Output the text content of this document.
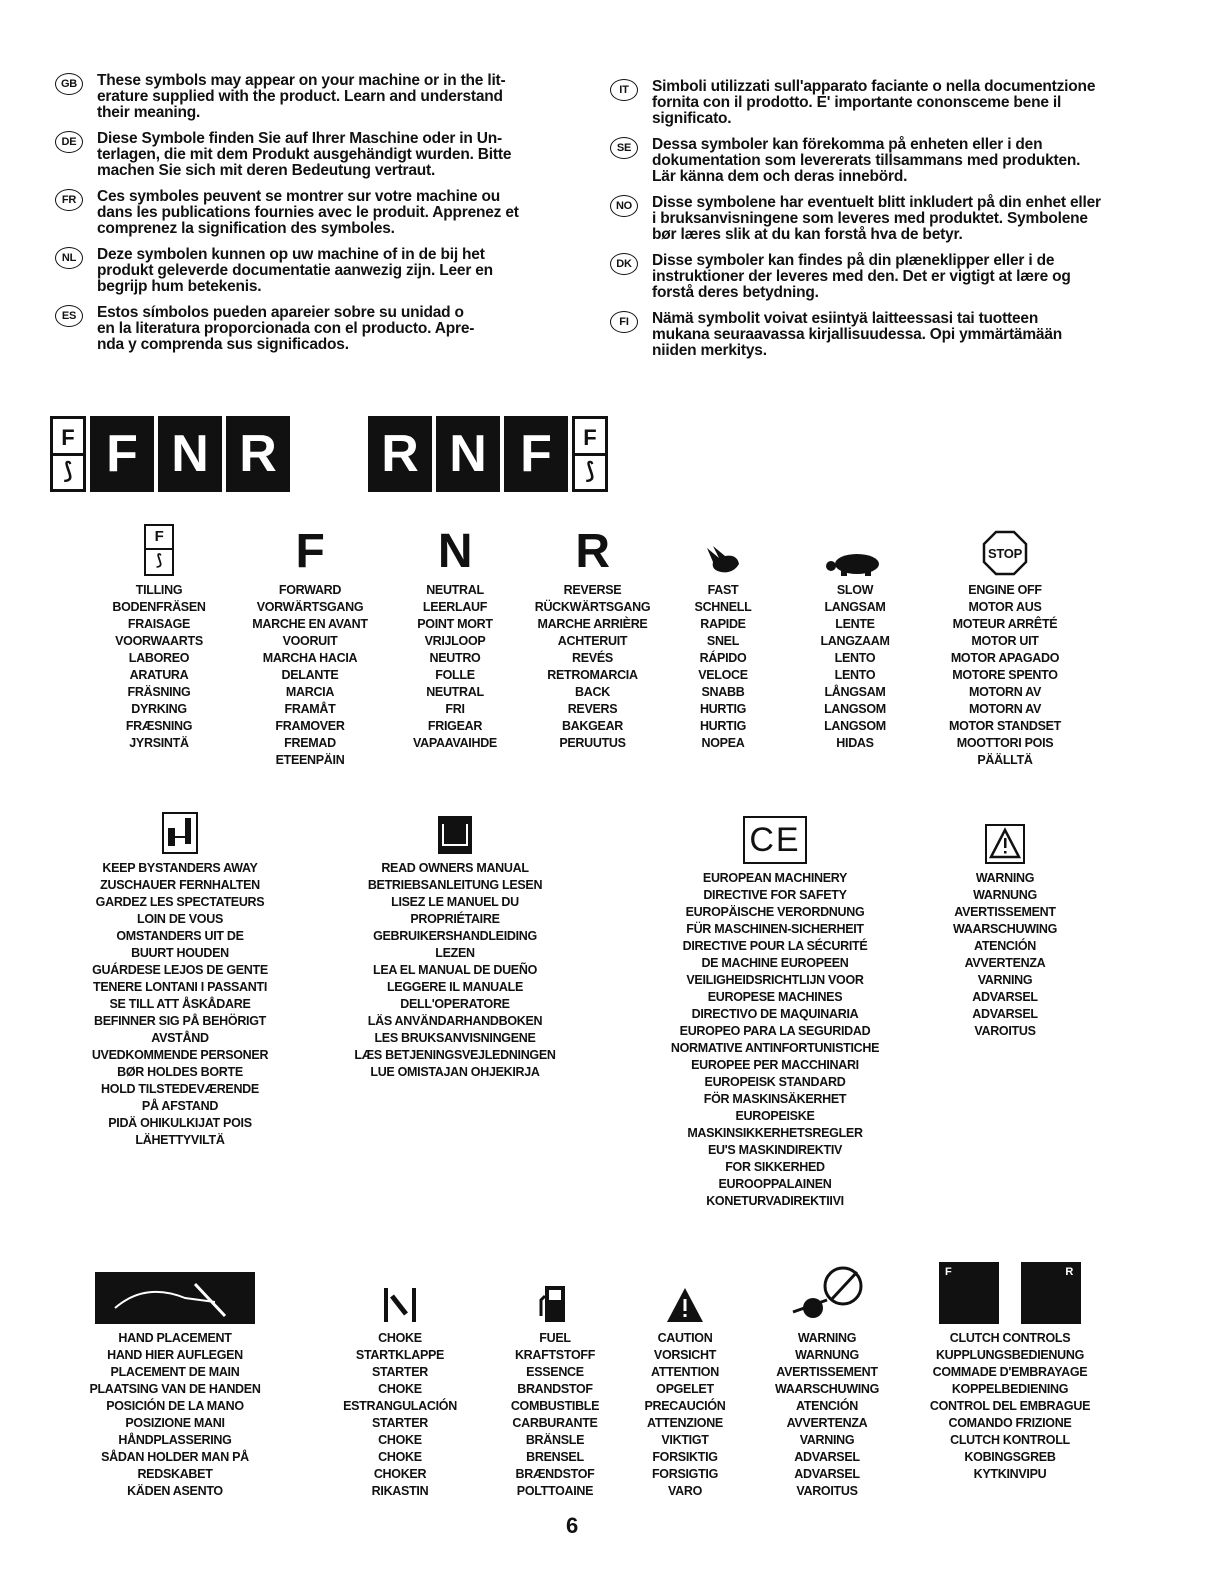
GB	These symbols may appear on your machine or in the lit-
erature supplied with the product. Learn and understand
their meaning.
DE	Diese Symbole finden Sie auf Ihrer Maschine oder in Un-
terlagen, die mit dem Produkt ausgehändigt wurden. Bitte
machen Sie sich mit deren Bedeutung vertraut.
FR	Ces symboles peuvent se montrer sur votre machine ou
dans les publications fournies avec le produit. Apprenez et
comprenez la signification des symboles.
NL	Deze symbolen kunnen op uw machine of in de bij het
produkt geleverde documentatie aanwezig zijn. Leer en
begrijp hum betekenis.
ES	Estos símbolos pueden apareier sobre su unidad o
en la literatura proporcionada con el producto. Apre-
nda y comprenda sus significados.
IT	Simboli utilizzati sull'apparato faciante o nella documentzione
fornita con il prodotto. E' importante cononsceme bene il
significato.
SE	Dessa symboler kan förekomma på enheten eller i den
dokumentation som levererats tillsammans med produkten.
Lär känna dem och deras innebörd.
NO	Disse symbolene har eventuelt blitt inkludert på din enhet eller
i bruksanvisningene som leveres med produktet. Symbolene
bør læres slik at du kan forstå hva de betyr.
DK	Disse symboler kan findes på din plæneklipper eller i de
instruktioner der leveres med den. Det er vigtigt at lære og
forstå deres betydning.
FI	Nämä symbolit voivat esiintyä laitteessasi tai tuotteen
mukana seuraavassa kirjallisuudessa. Opi ymmärtämään
niiden merkitys.
F
⟆ F N R R N F	F
⟆
F
⟆
TILLING
BODENFRÄSEN
FRAISAGE
VOORWAARTS
LABOREO
ARATURA
FRÄSNING
DYRKING
FRÆSNING
JYRSINTÄ
F
FORWARD
VORWÄRTSGANG
MARCHE EN AVANT
VOORUIT
MARCHA HACIA
DELANTE
MARCIA
FRAMÅT
FRAMOVER
FREMAD
ETEENPÄIN
N
NEUTRAL
LEERLAUF
POINT MORT
VRIJLOOP
NEUTRO
FOLLE
NEUTRAL
FRI
FRIGEAR
VAPAAVAIHDE
R
REVERSE
RÜCKWÄRTSGANG
MARCHE ARRIÈRE
ACHTERUIT
REVÉS
RETROMARCIA
BACK
REVERS
BAKGEAR
PERUUTUS
FAST
SCHNELL
RAPIDE
SNEL
RÁPIDO
VELOCE
SNABB
HURTIG
HURTIG
NOPEA
SLOW
LANGSAM
LENTE
LANGZAAM
LENTO
LENTO
LÅNGSAM
LANGSOM
LANGSOM
HIDAS
STOP
ENGINE OFF
MOTOR AUS
MOTEUR ARRÊTÉ
MOTOR UIT
MOTOR APAGADO
MOTORE SPENTO
MOTORN AV
MOTORN AV
MOTOR STANDSET
MOOTTORI POIS
PÄÄLLTÄ
KEEP BYSTANDERS AWAY
ZUSCHAUER FERNHALTEN
GARDEZ LES SPECTATEURS
LOIN DE VOUS
OMSTANDERS UIT DE
BUURT HOUDEN
GUÁRDESE LEJOS DE GENTE
TENERE LONTANI I PASSANTI
SE TILL ATT ÅSKÅDARE
BEFINNER SIG PÅ BEHÖRIGT
AVSTÅND
UVEDKOMMENDE PERSONER
BØR HOLDES BORTE
HOLD TILSTEDEVÆRENDE
PÅ AFSTAND
PIDÄ OHIKULKIJAT POIS
LÄHETTYVILTÄ
READ OWNERS MANUAL
BETRIEBSANLEITUNG LESEN
LISEZ LE MANUEL DU
PROPRIÉTAIRE
GEBRUIKERSHANDLEIDING
LEZEN
LEA EL MANUAL DE DUEÑO
LEGGERE IL MANUALE
DELL'OPERATORE
LÄS ANVÄNDARHANDBOKEN
LES BRUKSANVISNINGENE
LÆS BETJENINGSVEJLEDNINGEN
LUE OMISTAJAN OHJEKIRJA
CE
EUROPEAN MACHINERY
DIRECTIVE FOR SAFETY
EUROPÄISCHE VERORDNUNG
FÜR MASCHINEN-SICHERHEIT
DIRECTIVE POUR LA SÉCURITÉ
DE MACHINE EUROPEEN
VEILIGHEIDSRICHTLIJN VOOR
EUROPESE MACHINES
DIRECTIVO DE MAQUINARIA
EUROPEO PARA LA SEGURIDAD
NORMATIVE ANTINFORTUNISTICHE
EUROPEE PER MACCHINARI
EUROPEISK STANDARD
FÖR MASKINSÄKERHET
EUROPEISKE
MASKINSIKKERHETSREGLER
EU'S MASKINDIREKTIV
FOR SIKKERHED
EUROOPPALAINEN
KONETURVADIREKTIIVI
WARNING
WARNUNG
AVERTISSEMENT
WAARSCHUWING
ATENCIÓN
AVVERTENZA
VARNING
ADVARSEL
ADVARSEL
VAROITUS
HAND PLACEMENT
HAND HIER AUFLEGEN
PLACEMENT DE MAIN
PLAATSING VAN DE HANDEN
POSICIÓN DE LA MANO
POSIZIONE MANI
HÅNDPLASSERING
SÅDAN HOLDER MAN PÅ
REDSKABET
KÄDEN ASENTO
CHOKE
STARTKLAPPE
STARTER
CHOKE
ESTRANGULACIÓN
STARTER
CHOKE
CHOKE
CHOKER
RIKASTIN
FUEL
KRAFTSTOFF
ESSENCE
BRANDSTOF
COMBUSTIBLE
CARBURANTE
BRÄNSLE
BRENSEL
BRÆNDSTOF
POLTTOAINE
CAUTION
VORSICHT
ATTENTION
OPGELET
PRECAUCIÓN
ATTENZIONE
VIKTIGT
FORSIKTIG
FORSIGTIG
VARO
WARNING
WARNUNG
AVERTISSEMENT
WAARSCHUWING
ATENCIÓN
AVVERTENZA
VARNING
ADVARSEL
ADVARSEL
VAROITUS
F	R
CLUTCH CONTROLS
KUPPLUNGSBEDIENUNG
COMMADE D'EMBRAYAGE
KOPPELBEDIENING
CONTROL DEL EMBRAGUE
COMANDO FRIZIONE
CLUTCH KONTROLL
KOBINGSGREB
KYTKINVIPU
6
